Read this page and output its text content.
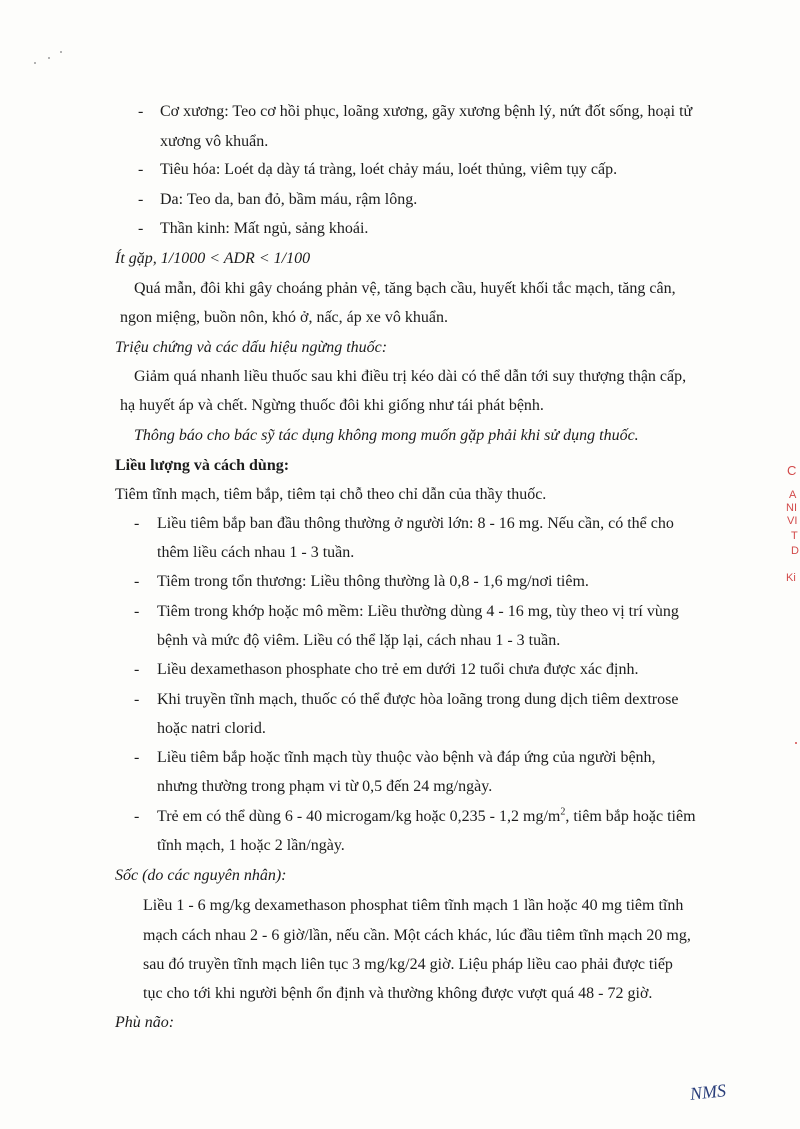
- Cơ xương: Teo cơ hồi phục, loãng xương, gãy xương bệnh lý, nứt đốt sống, hoại tử
xương vô khuẩn.
- Tiêu hóa: Loét dạ dày tá tràng, loét chảy máu, loét thủng, viêm tụy cấp.
- Da: Teo da, ban đỏ, bầm máu, rậm lông.
- Thần kinh: Mất ngủ, sảng khoái.
Ít gặp, 1/1000 < ADR < 1/100
Quá mẫn, đôi khi gây choáng phản vệ, tăng bạch cầu, huyết khối tắc mạch, tăng cân,
ngon miệng, buồn nôn, khó ở, nấc, áp xe vô khuẩn.
Triệu chứng và các dấu hiệu ngừng thuốc:
Giảm quá nhanh liều thuốc sau khi điều trị kéo dài có thể dẫn tới suy thượng thận cấp,
hạ huyết áp và chết. Ngừng thuốc đôi khi giống như tái phát bệnh.
Thông báo cho bác sỹ tác dụng không mong muốn gặp phải khi sử dụng thuốc.
Liều lượng và cách dùng:
Tiêm tĩnh mạch, tiêm bắp, tiêm tại chỗ theo chỉ dẫn của thầy thuốc.
- Liều tiêm bắp ban đầu thông thường ở người lớn: 8 - 16 mg. Nếu cần, có thể cho
thêm liều cách nhau 1 - 3 tuần.
- Tiêm trong tổn thương: Liều thông thường là 0,8 - 1,6 mg/nơi tiêm.
- Tiêm trong khớp hoặc mô mềm: Liều thường dùng 4 - 16 mg, tùy theo vị trí vùng
bệnh và mức độ viêm. Liều có thể lặp lại, cách nhau 1 - 3 tuần.
- Liều dexamethason phosphate cho trẻ em dưới 12 tuổi chưa được xác định.
- Khi truyền tĩnh mạch, thuốc có thể được hòa loãng trong dung dịch tiêm dextrose
hoặc natri clorid.
- Liều tiêm bắp hoặc tĩnh mạch tùy thuộc vào bệnh và đáp ứng của người bệnh,
nhưng thường trong phạm vi từ 0,5 đến 24 mg/ngày.
- Trẻ em có thể dùng 6 - 40 microgam/kg hoặc 0,235 - 1,2 $mg/m^2$, tiêm bắp hoặc tiêm
tĩnh mạch, 1 hoặc 2 lần/ngày.
Sốc (do các nguyên nhân):
Liều 1 - 6 mg/kg dexamethason phosphat tiêm tĩnh mạch 1 lần hoặc 40 mg tiêm tĩnh
mạch cách nhau 2 - 6 giờ/lần, nếu cần. Một cách khác, lúc đầu tiêm tĩnh mạch 20 mg,
sau đó truyền tĩnh mạch liên tục 3 mg/kg/24 giờ. Liệu pháp liều cao phải được tiếp
tục cho tới khi người bệnh ổn định và thường không được vượt quá 48 - 72 giờ.
Phù não:
C
A
NI
VI
T
D
Ki
NMS
